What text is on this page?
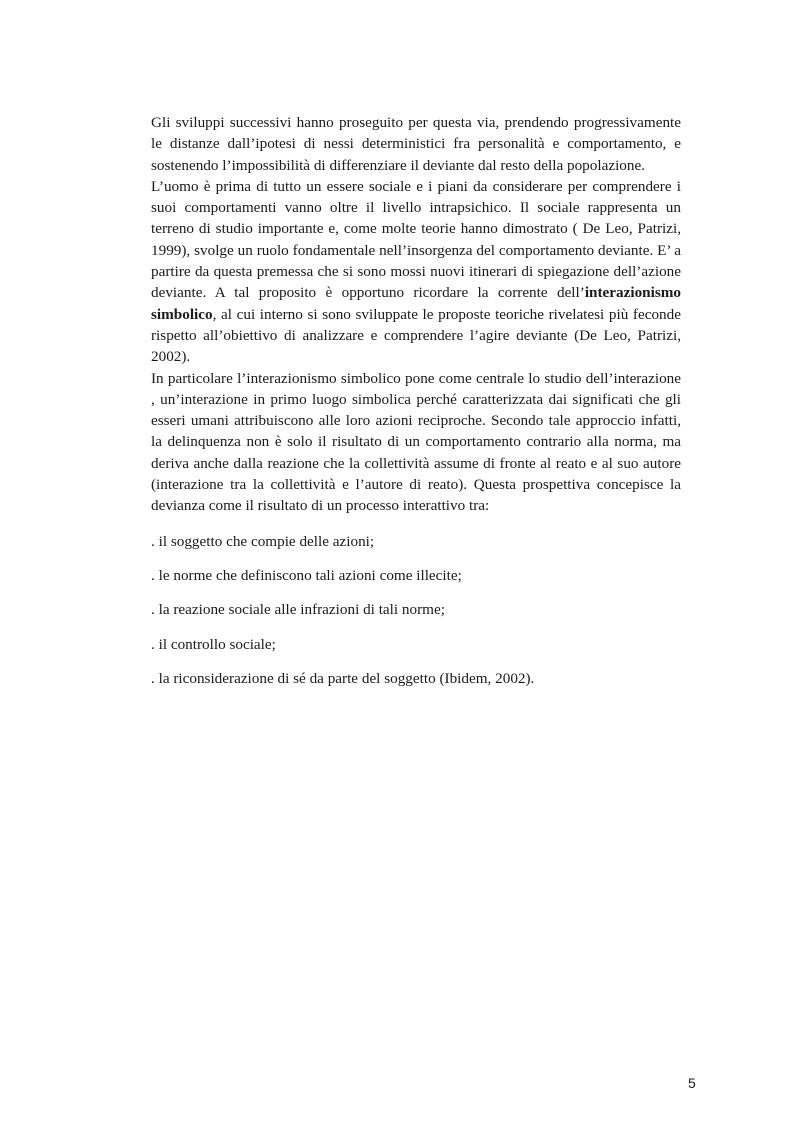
Gli sviluppi successivi hanno proseguito per questa via, prendendo progressivamente le distanze dall’ipotesi di nessi deterministici fra personalità e comportamento, e sostenendo l’impossibilità di differenziare il deviante dal resto della popolazione.

L’uomo è prima di tutto un essere sociale e i piani da considerare per comprendere i suoi comportamenti vanno oltre il livello intrapsichico. Il sociale rappresenta un terreno di studio importante e, come molte teorie hanno dimostrato ( De Leo, Patrizi, 1999), svolge un ruolo fondamentale nell’insorgenza del comportamento deviante. E’ a partire da questa premessa che si sono mossi nuovi itinerari di spiegazione dell’azione deviante. A tal proposito è opportuno ricordare la corrente dell’interazionismo simbolico, al cui interno si sono sviluppate le proposte teoriche rivelatesi più feconde rispetto all’obiettivo di analizzare e comprendere l’agire deviante (De Leo, Patrizi, 2002).

In particolare l’interazionismo simbolico pone come centrale lo studio dell’interazione , un’interazione in primo luogo simbolica perché caratterizzata dai significati che gli esseri umani attribuiscono alle loro azioni reciproche. Secondo tale approccio infatti, la delinquenza non è solo il risultato di un comportamento contrario alla norma, ma deriva anche dalla reazione che la collettività assume di fronte al reato e al suo autore (interazione tra la collettività e l’autore di reato). Questa prospettiva concepisce la devianza come il risultato di un processo interattivo tra:

. il soggetto che compie delle azioni;
. le norme che definiscono tali azioni come illecite;
. la reazione sociale alle infrazioni di tali norme;
. il controllo sociale;
. la riconsiderazione di sé da parte del soggetto (Ibidem, 2002).
5
